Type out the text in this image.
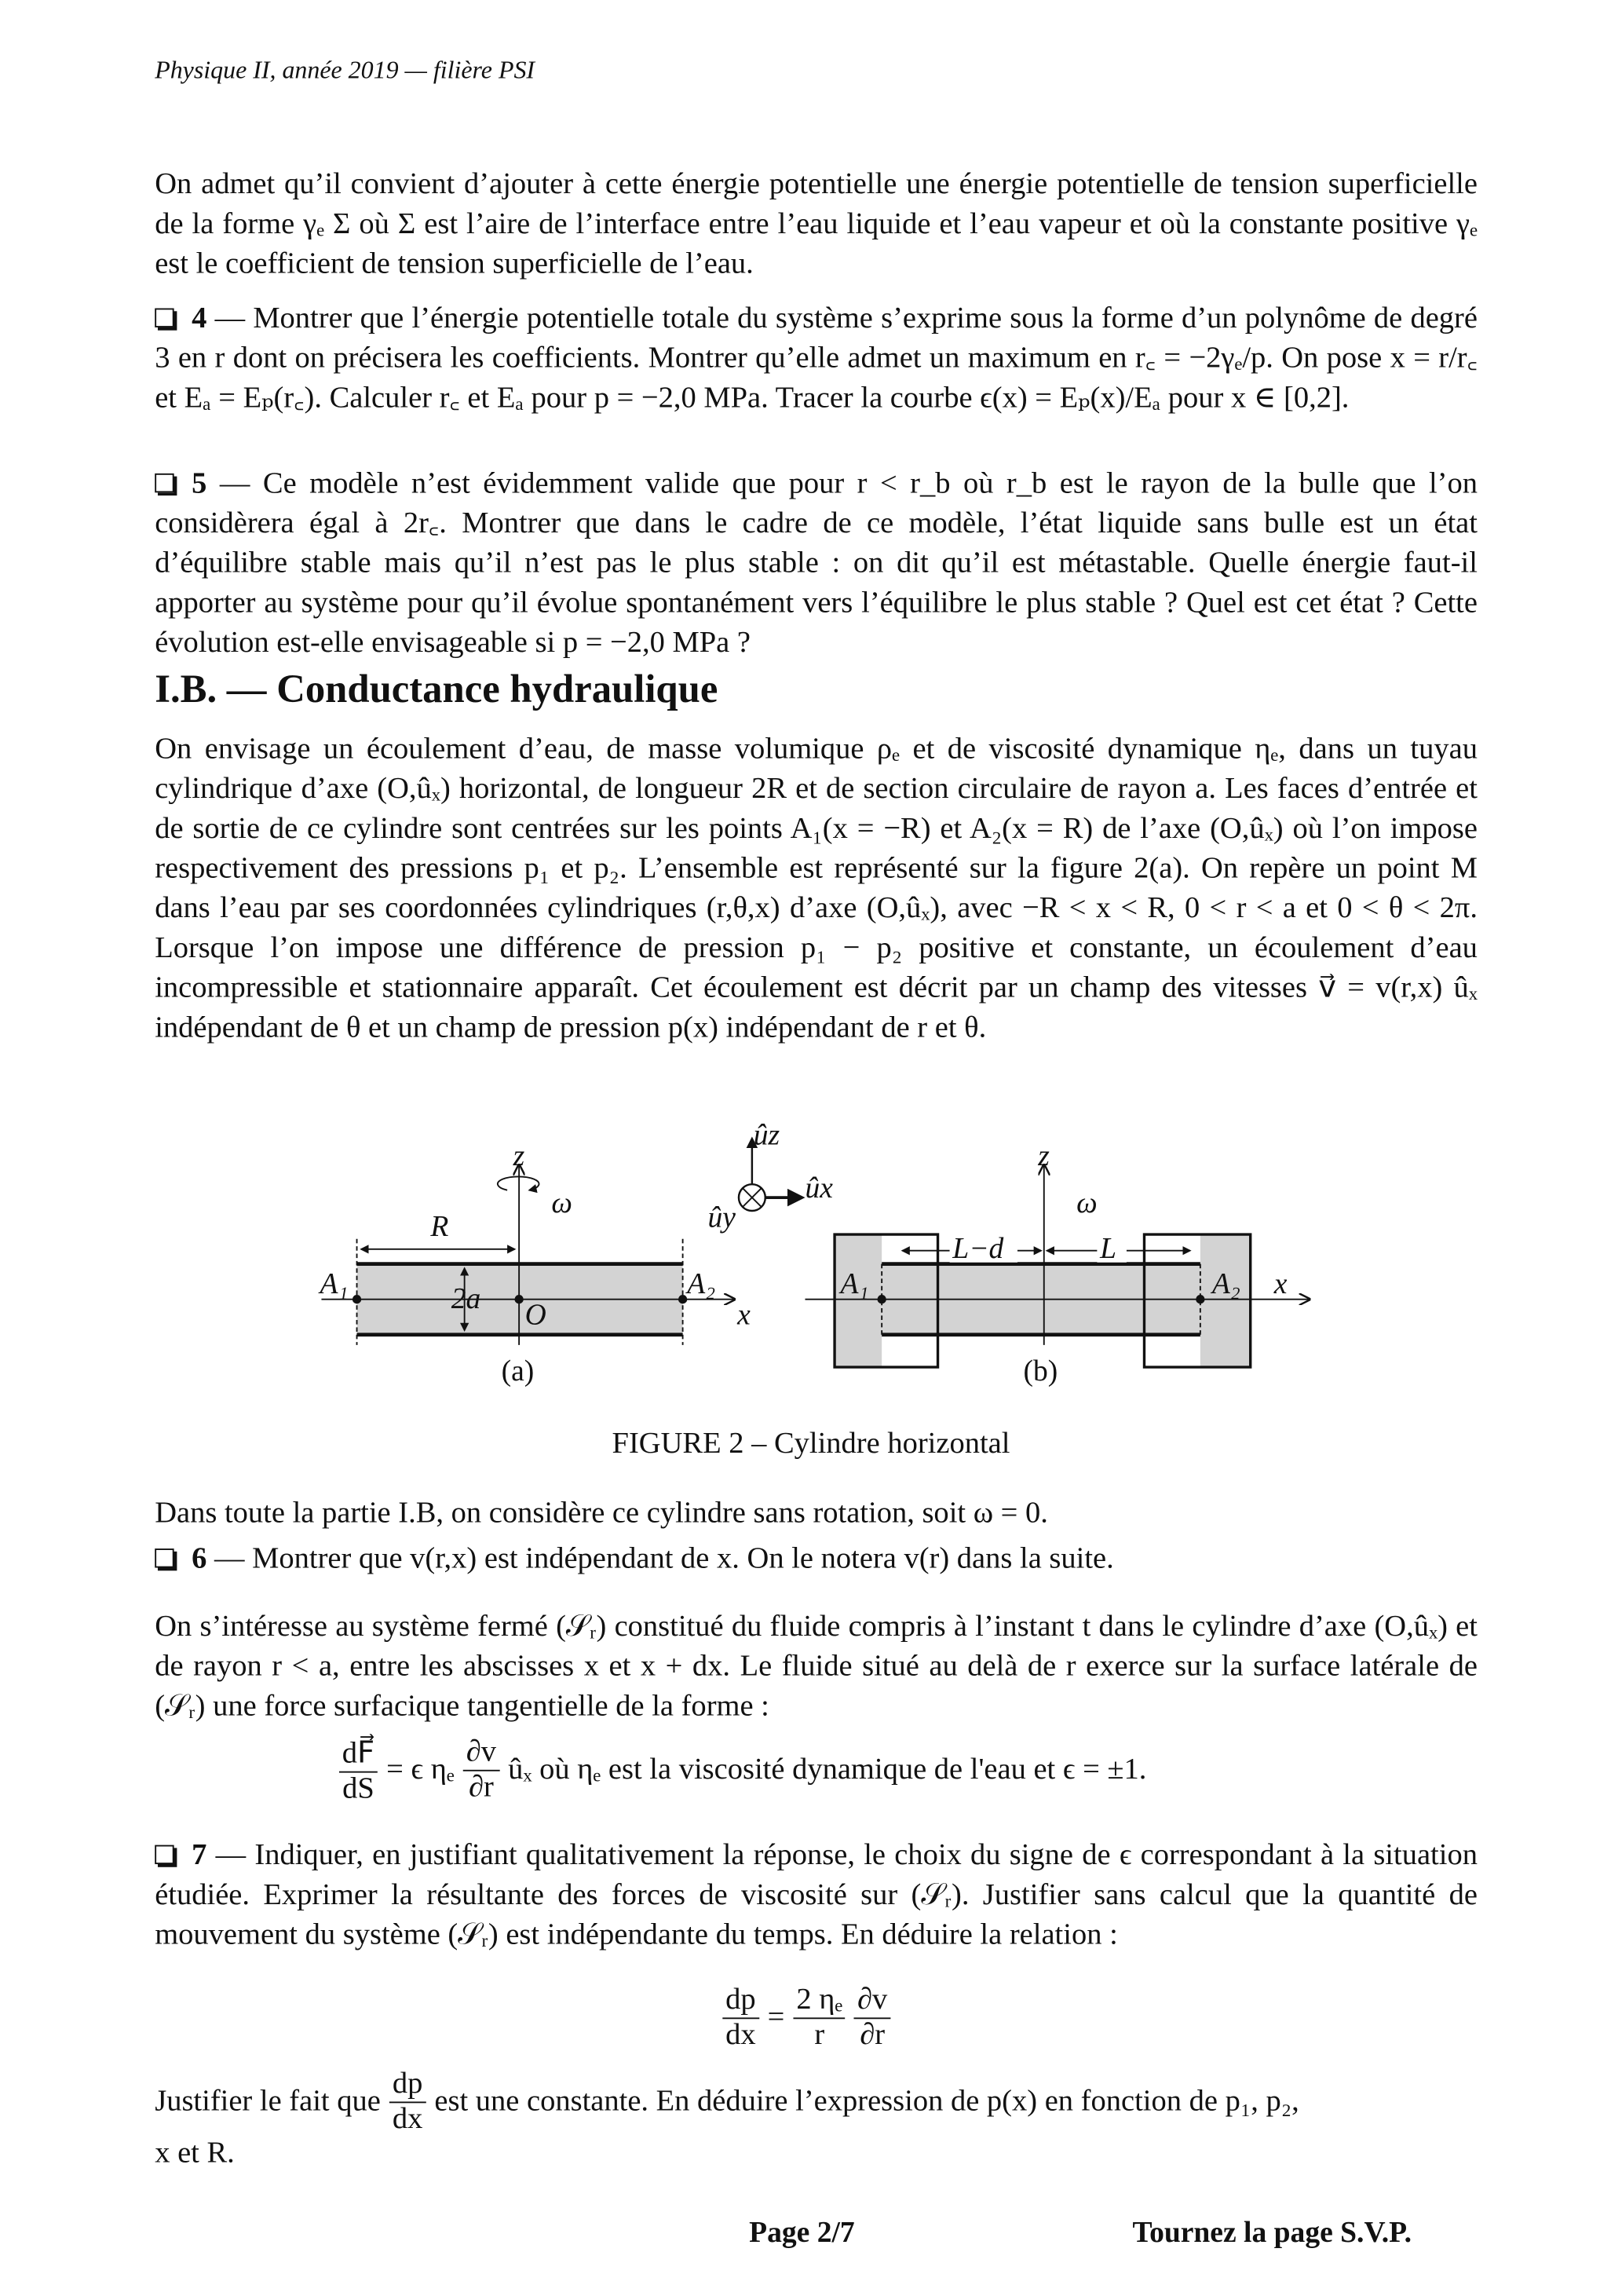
Physique II, année 2019 — filière PSI
On admet qu’il convient d’ajouter à cette énergie potentielle une énergie potentielle de tension superficielle de la forme γₑ Σ où Σ est l’aire de l’interface entre l’eau liquide et l’eau vapeur et où la constante positive γₑ est le coefficient de tension superficielle de l’eau.
4 — Montrer que l’énergie potentielle totale du système s’exprime sous la forme d’un polynôme de degré 3 en r dont on précisera les coefficients. Montrer qu’elle admet un maximum en r꜀ = −2γₑ/p. On pose x = r/r꜀ et Eₐ = Eₚ(r꜀). Calculer r꜀ et Eₐ pour p = −2,0 MPa. Tracer la courbe ϵ(x) = Eₚ(x)/Eₐ pour x ∈ [0,2].
5 — Ce modèle n’est évidemment valide que pour r < r_b où r_b est le rayon de la bulle que l’on considèrera égal à 2r꜀. Montrer que dans le cadre de ce modèle, l’état liquide sans bulle est un état d’équilibre stable mais qu’il n’est pas le plus stable : on dit qu’il est métastable. Quelle énergie faut-il apporter au système pour qu’il évolue spontanément vers l’équilibre le plus stable ? Quel est cet état ? Cette évolution est-elle envisageable si p = −2,0 MPa ?
I.B. — Conductance hydraulique
On envisage un écoulement d’eau, de masse volumique ρₑ et de viscosité dynamique ηₑ, dans un tuyau cylindrique d’axe (O,ûₓ) horizontal, de longueur 2R et de section circulaire de rayon a. Les faces d’entrée et de sortie de ce cylindre sont centrées sur les points A₁(x = −R) et A₂(x = R) de l’axe (O,ûₓ) où l’on impose respectivement des pressions p₁ et p₂. L’ensemble est représenté sur la figure 2(a). On repère un point M dans l’eau par ses coordonnées cylindriques (r,θ,x) d’axe (O,ûₓ), avec −R < x < R, 0 < r < a et 0 < θ < 2π. Lorsque l’on impose une différence de pression p₁ − p₂ positive et constante, un écoulement d’eau incompressible et stationnaire apparaît. Cet écoulement est décrit par un champ des vitesses v⃗ = v(r,x) ûₓ indépendant de θ et un champ de pression p(x) indépendant de r et θ.
z
ω
R
A₁	A₂
2a
O	x
(a)
ûz
ûx
ûy
z
ω
L−d	L
A₁	A₂ x
(b)
FIGURE 2 – Cylindre horizontal
Dans toute la partie I.B, on considère ce cylindre sans rotation, soit ω = 0.
6 — Montrer que v(r,x) est indépendant de x. On le notera v(r) dans la suite.
On s’intéresse au système fermé (𝒮ᵣ) constitué du fluide compris à l’instant t dans le cylindre d’axe (O,ûₓ) et de rayon r < a, entre les abscisses x et x + dx. Le fluide situé au delà de r exerce sur la surface latérale de (𝒮ᵣ) une force surfacique tangentielle de la forme :
$\frac{dF⃗}{dS} = \epsilon$ ηₑ $\frac{\partial v}{\partial r}$ ûₓ où ηₑ est la viscosité dynamique de l'eau et ϵ = ±1.
7 — Indiquer, en justifiant qualitativement la réponse, le choix du signe de ϵ correspondant à la situation étudiée. Exprimer la résultante des forces de viscosité sur (𝒮ᵣ). Justifier sans calcul que la quantité de mouvement du système (𝒮ᵣ) est indépendante du temps. En déduire la relation :
$\frac{dp}{dx} = \frac{\text{2 ηₑ}}{r} \frac{\partial v}{\partial r}$
Justifier le fait que $\frac{dp}{dx}$ est une constante. En déduire l’expression de p(x) en fonction de p₁, p₂,
x et R.
Page 2/7	Tournez la page S.V.P.
